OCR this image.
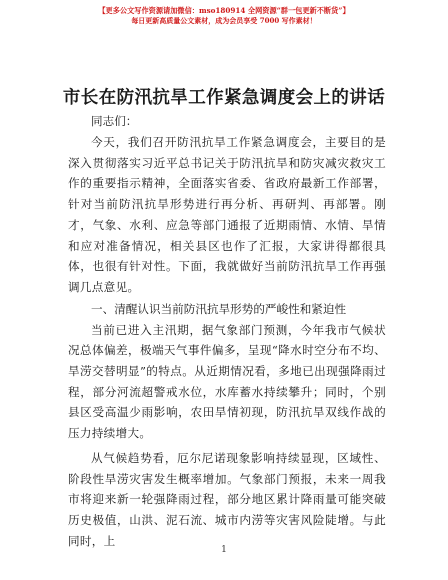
【更多公文写作资源请加微信：mso180914 全网资源“群一包更新不断货”】
每日更新高质量公文素材，成为会员享受 7000 写作素材！
市长在防汛抗旱工作紧急调度会上的讲话

同志们：

今天，我们召开防汛抗旱工作紧急调度会，主要目的是深入贯彻落实习近平总书记关于防汛抗旱和防灾减灾救灾工作的重要指示精神，全面落实省委、省政府最新工作部署，针对当前防汛抗旱形势进行再分析、再研判、再部署。刚才，气象、水利、应急等部门通报了近期雨情、水情、旱情和应对准备情况，相关县区也作了汇报，大家讲得都很具体，也很有针对性。下面，我就做好当前防汛抗旱工作再强调几点意见。

一、清醒认识当前防汛抗旱形势的严峻性和紧迫性

当前已进入主汛期，据气象部门预测，今年我市气候状况总体偏差，极端天气事件偏多，呈现“降水时空分布不均、旱涝交替明显”的特点。从近期情况看，多地已出现强降雨过程，部分河流超警戒水位，水库蓄水持续攀升；同时，个别县区受高温少雨影响，农田旱情初现，防汛抗旱双线作战的压力持续增大。

从气候趋势看，厄尔尼诺现象影响持续显现，区域性、阶段性旱涝灾害发生概率增加。气象部门预报，未来一周我市将迎来新一轮强降雨过程，部分地区累计降雨量可能突破历史极值，山洪、泥石流、城市内涝等灾害风险陡增。与此同时，上

1
